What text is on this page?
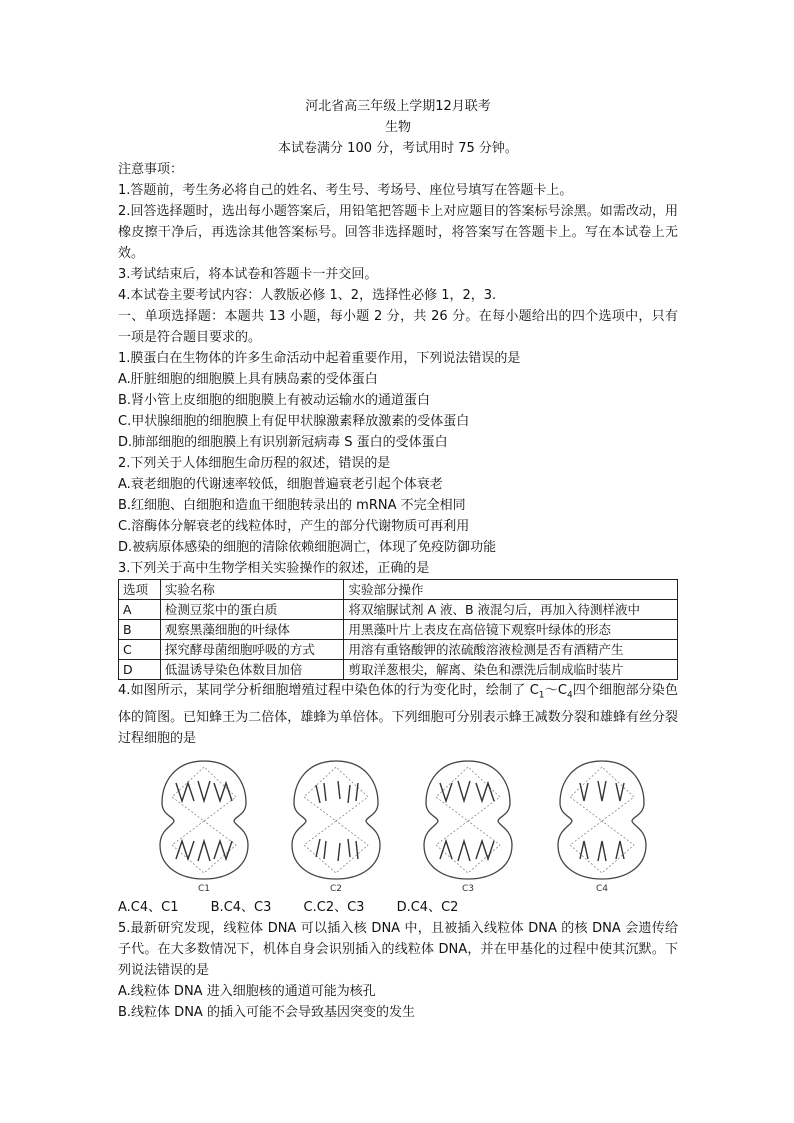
河北省高三年级上学期12月联考
生物
本试卷满分 100 分，考试用时 75 分钟。
注意事项：
1.答题前，考生务必将自己的姓名、考生号、考场号、座位号填写在答题卡上。
2.回答选择题时，选出每小题答案后，用铅笔把答题卡上对应题目的答案标号涂黑。如需改动，用橡皮擦干净后，再选涂其他答案标号。回答非选择题时，将答案写在答题卡上。写在本试卷上无效。
3.考试结束后，将本试卷和答题卡一并交回。
4.本试卷主要考试内容：人教版必修 1、2，选择性必修 1，2，3.
一、单项选择题：本题共 13 小题，每小题 2 分，共 26 分。在每小题给出的四个选项中，只有一项是符合题目要求的。
1.膜蛋白在生物体的许多生命活动中起着重要作用，下列说法错误的是
A.肝脏细胞的细胞膜上具有胰岛素的受体蛋白
B.肾小管上皮细胞的细胞膜上有被动运输水的通道蛋白
C.甲状腺细胞的细胞膜上有促甲状腺激素释放激素的受体蛋白
D.肺部细胞的细胞膜上有识别新冠病毒 S 蛋白的受体蛋白
2.下列关于人体细胞生命历程的叙述，错误的是
A.衰老细胞的代谢速率较低，细胞普遍衰老引起个体衰老
B.红细胞、白细胞和造血干细胞转录出的 mRNA 不完全相同
C.溶酶体分解衰老的线粒体时，产生的部分代谢物质可再利用
D.被病原体感染的细胞的清除依赖细胞凋亡，体现了免疫防御功能
3.下列关于高中生物学相关实验操作的叙述，正确的是
选项	实验名称	实验部分操作
A	检测豆浆中的蛋白质	将双缩脲试剂 A 液、B 液混匀后，再加入待测样液中
B	观察黑藻细胞的叶绿体	用黑藻叶片上表皮在高倍镜下观察叶绿体的形态
C	探究酵母菌细胞呼吸的方式	用溶有重铬酸钾的浓硫酸溶液检测是否有酒精产生
D	低温诱导染色体数目加倍	剪取洋葱根尖，解离、染色和漂洗后制成临时装片
4.如图所示，某同学分析细胞增殖过程中染色体的行为变化时，绘制了 $C_1\sim C_4$四个细胞部分染色体的简图。已知蜂王为二倍体，雄蜂为单倍体。下列细胞可分别表示蜂王减数分裂和雄蜂有丝分裂过程细胞的是
C1	C2	C3	C4
A.C4、C1 B.C4、C3 C.C2、C3 D.C4、C2
5.最新研究发现，线粒体 DNA 可以插入核 DNA 中，且被插入线粒体 DNA 的核 DNA 会遗传给子代。在大多数情况下，机体自身会识别插入的线粒体 DNA，并在甲基化的过程中使其沉默。下列说法错误的是
A.线粒体 DNA 进入细胞核的通道可能为核孔
B.线粒体 DNA 的插入可能不会导致基因突变的发生
